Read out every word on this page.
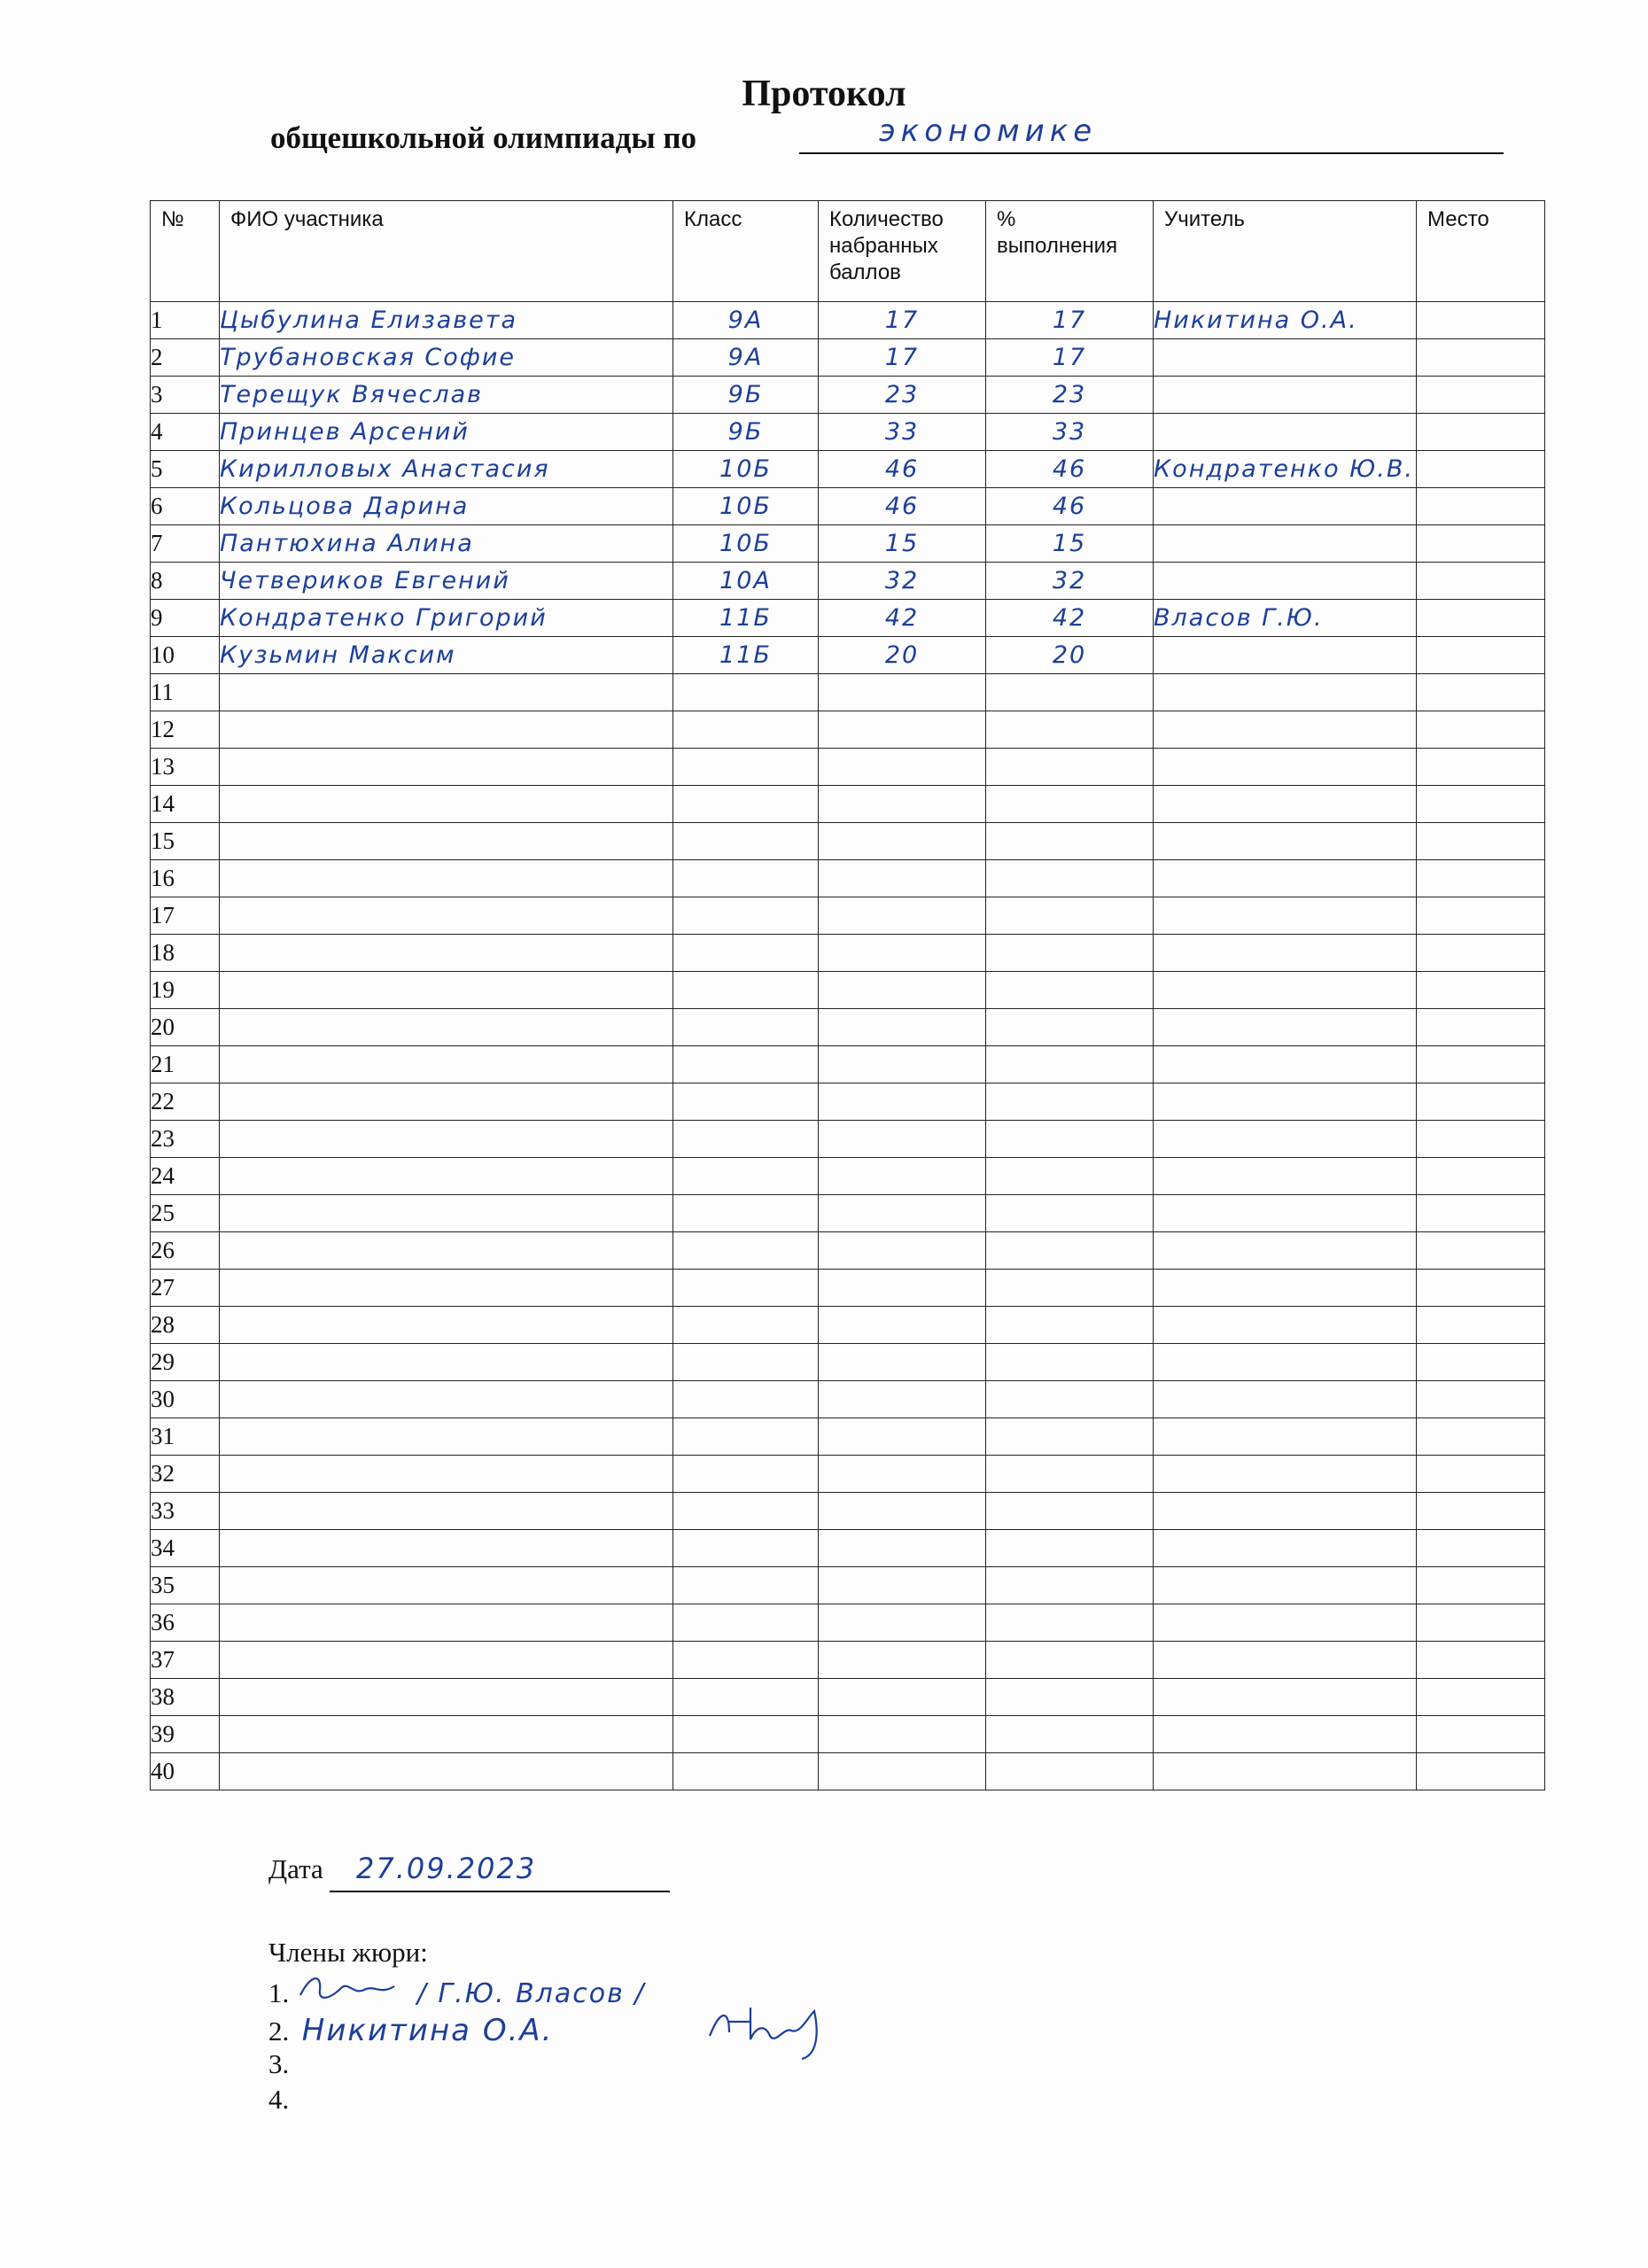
Протокол
общешкольной олимпиады по	экономике
№	ФИО участника	Класс	Количество набранных баллов	% выполнения	Учитель	Место
1	Цыбулина Елизавета	9А	17	17	Никитина О.А.	
2	Трубановская Софие	9А	17	17		
3	Терещук Вячеслав	9Б	23	23		
4	Принцев Арсений	9Б	33	33		
5	Кирилловых Анастасия	10Б	46	46	Кондратенко Ю.В.	
6	Кольцова Дарина	10Б	46	46		
7	Пантюхина Алина	10Б	15	15		
8	Четвериков Евгений	10А	32	32		
9	Кондратенко Григорий	11Б	42	42	Власов Г.Ю.	
10	Кузьмин Максим	11Б	20	20		
11						
12						
13						
14						
15						
16						
17						
18						
19						
20						
21						
22						
23						
24						
25						
26						
27						
28						
29						
30						
31						
32						
33						
34						
35						
36						
37						
38						
39						
40						
Дата 27.09.2023
Члены жюри:
1.	/ Г.Ю. Власов /
2. Никитина О.А.
3.
4.
